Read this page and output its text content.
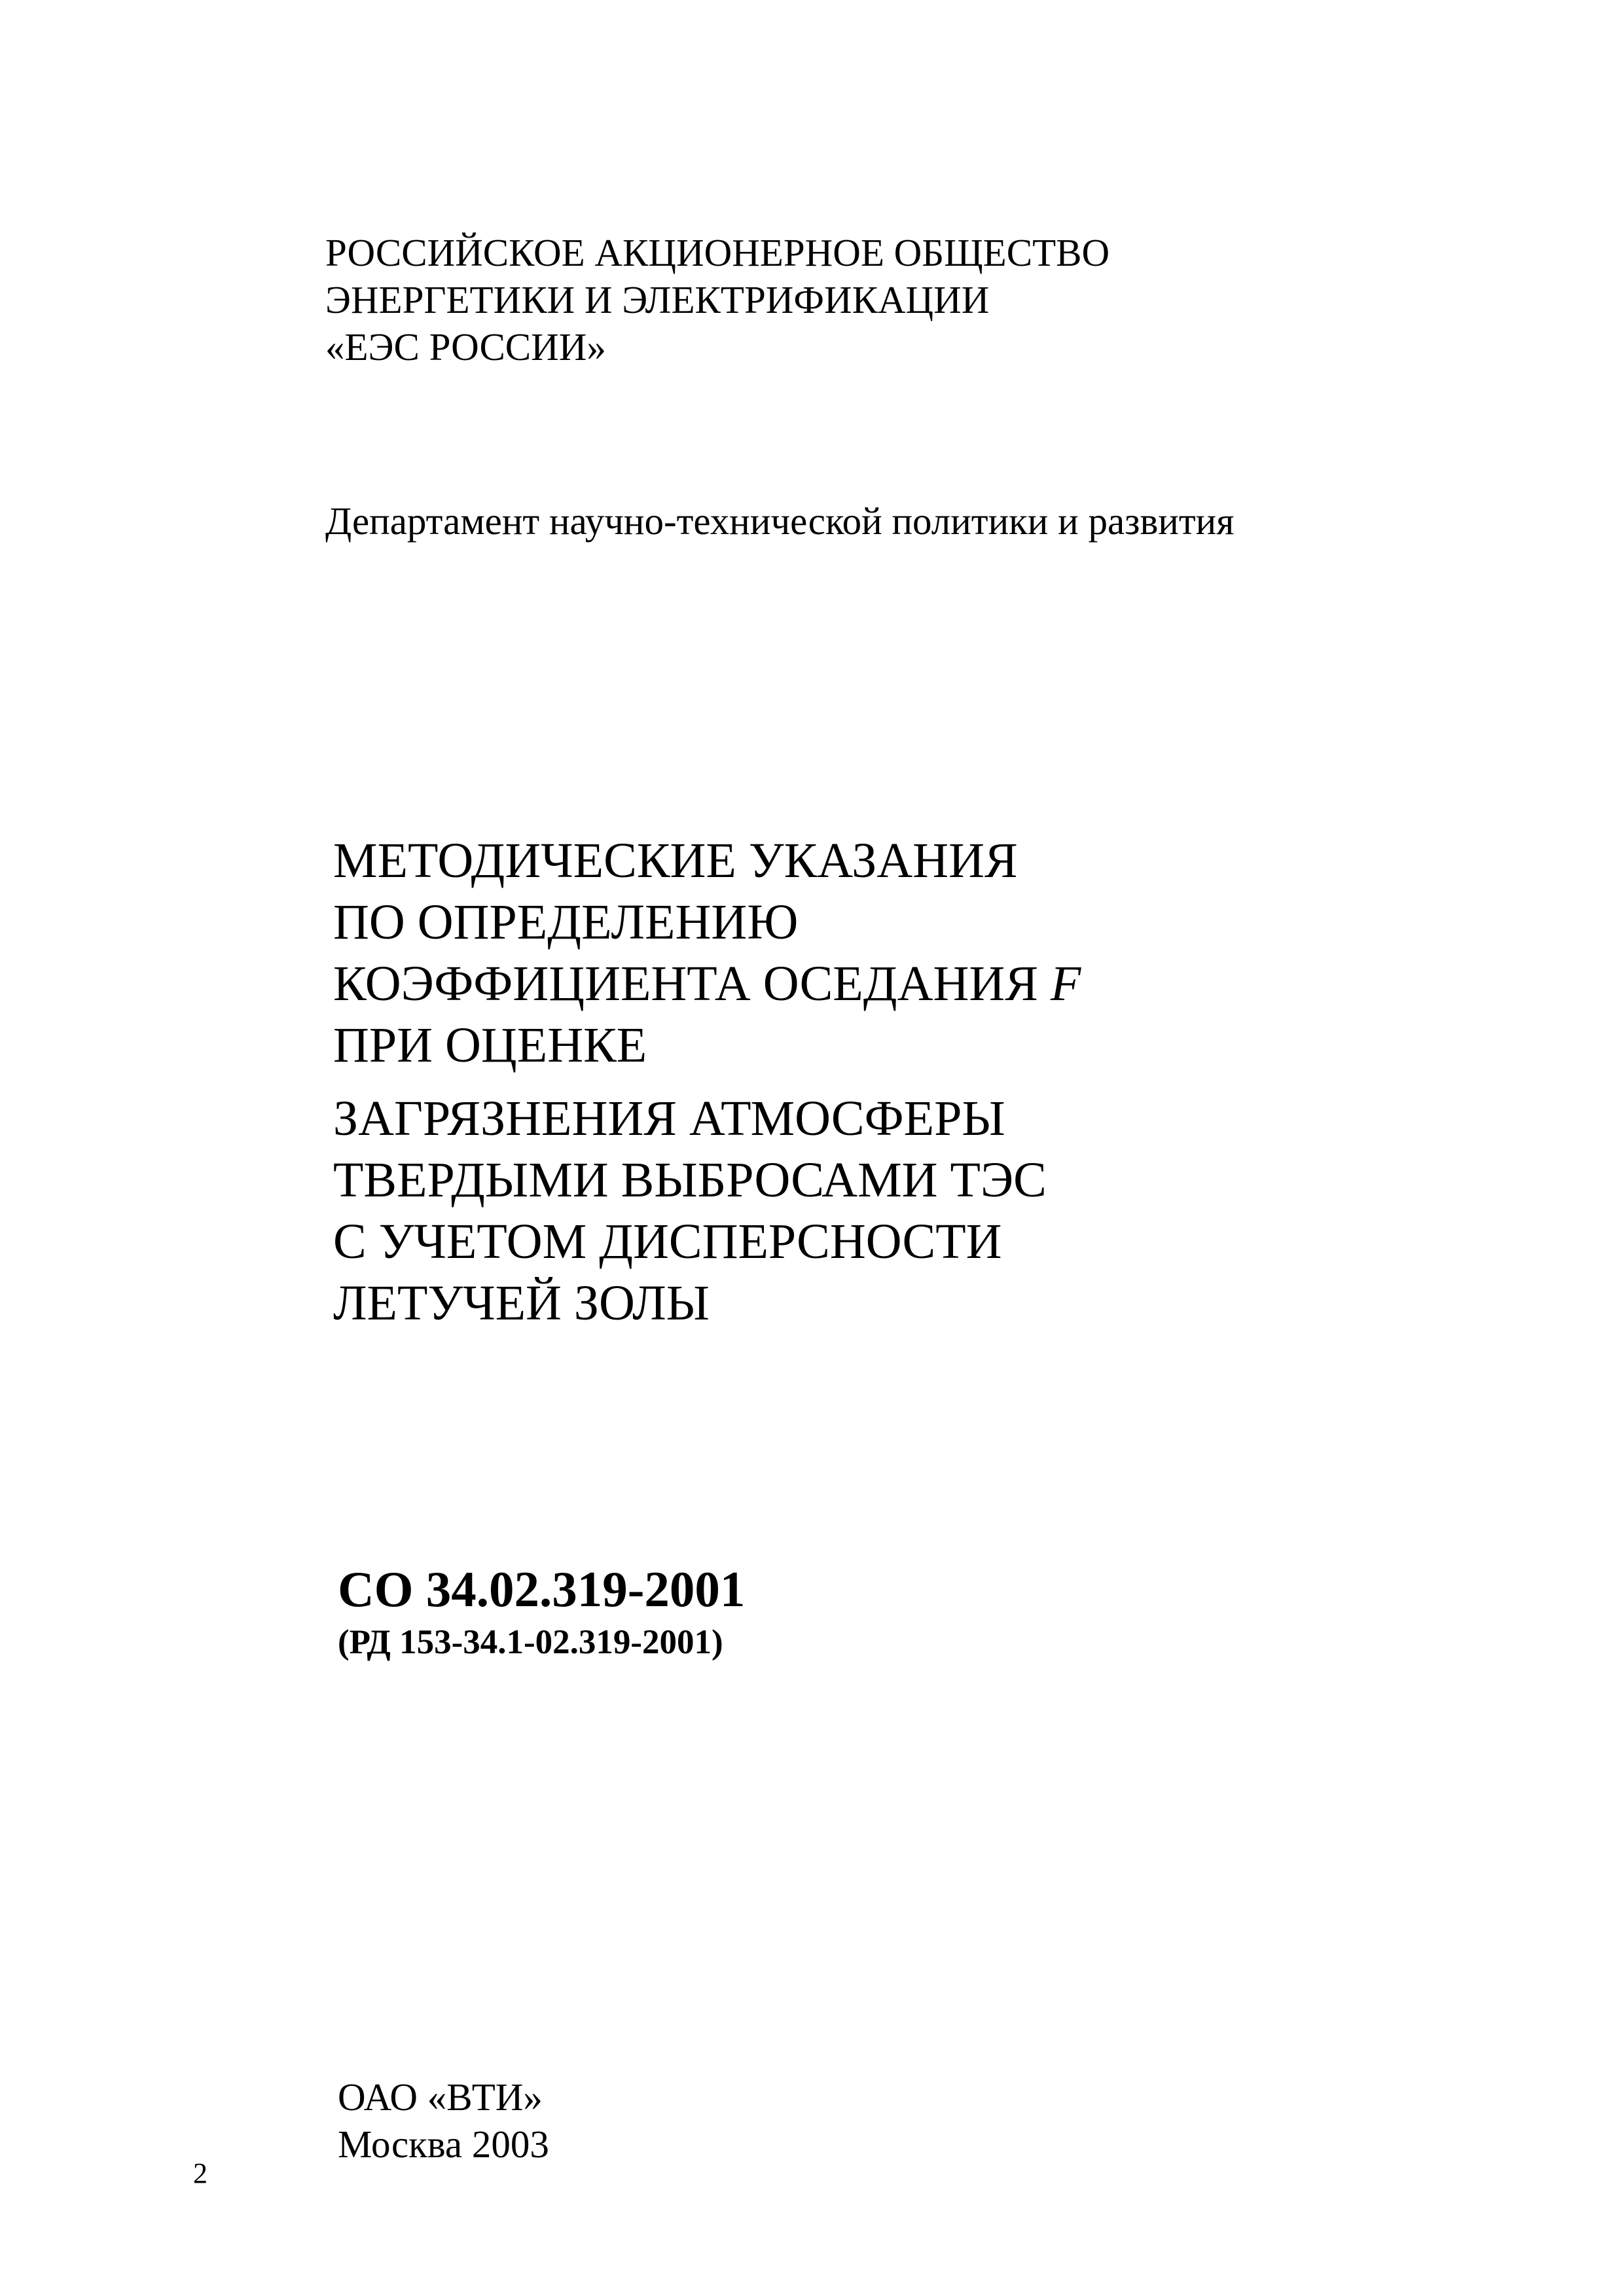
РОССИЙСКОЕ АКЦИОНЕРНОЕ ОБЩЕСТВО
ЭНЕРГЕТИКИ И ЭЛЕКТРИФИКАЦИИ
«ЕЭС РОССИИ»
Департамент научно-технической политики и развития
МЕТОДИЧЕСКИЕ УКАЗАНИЯ
ПО ОПРЕДЕЛЕНИЮ
КОЭФФИЦИЕНТА ОСЕДАНИЯ F
ПРИ ОЦЕНКЕ
ЗАГРЯЗНЕНИЯ АТМОСФЕРЫ
ТВЕРДЫМИ ВЫБРОСАМИ ТЭС
С УЧЕТОМ ДИСПЕРСНОСТИ
ЛЕТУЧЕЙ ЗОЛЫ
СО 34.02.319-2001
(РД 153-34.1-02.319-2001)
ОАО «ВТИ»
Москва 2003
2
